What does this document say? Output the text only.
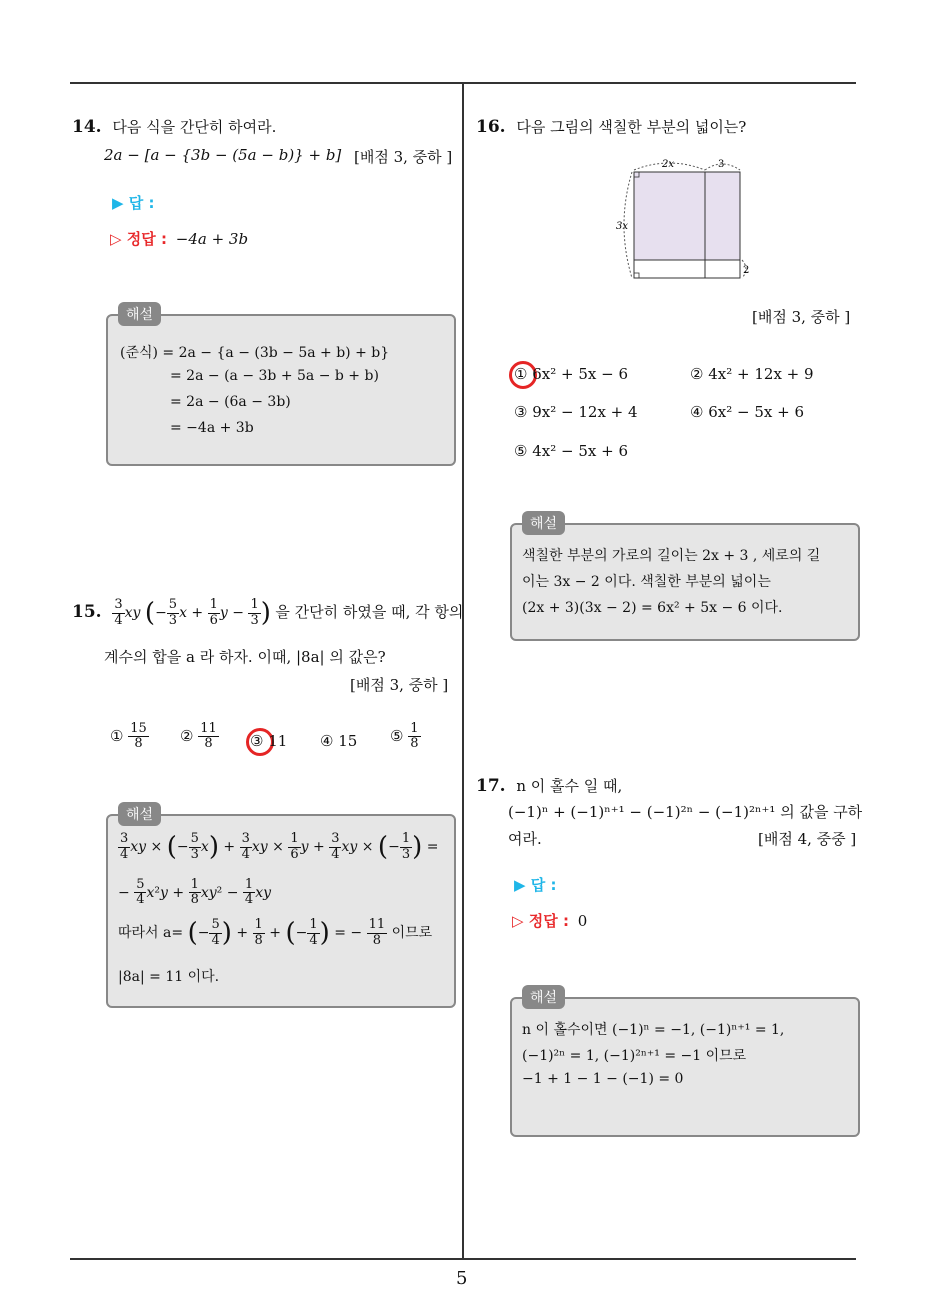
5
14. 다음 식을 간단히 하여라.
2a − [a − {3b − (5a − b)} + b] [배점 3, 중하 ]
▶ 답 :
▷ 정답 : −4a + 3b
해설
(준식) = 2a − {a − (3b − 5a + b) + b}
= 2a − (a − 3b + 5a − b + b)
= 2a − (6a − 3b)
= −4a + 3b
15. $\frac{3}{4}$ xy (− $\frac{5}{3}$ $x + \frac{1}{6}$ $y - \frac{1}{3}$ ) 을 간단히 하였을 때, 각 항의
계수의 합을 a 라 하자. 이때, |8a| 의 값은?
[배점 3, 중하 ]
① $\frac{15}{8}$ ② $\frac{11}{8}$ ③ 11 ④ 15 ⑤ $\frac{1}{8}$
해설
$\frac{3}{4}$ xy × (− $\frac{5}{3} x) + \frac{3}{4}$ xy × $\frac{1}{6}$ $y + \frac{3}{4}$ xy × (− $\frac{1}{3}$ ) =
− $\frac{5}{4} x^2y + \frac{1}{8} xy^2 - \frac{1}{4}$ xy
따라서 a= (− $\frac{5}{4}$ ) + $\frac{1}{8}$ + (− $\frac{1}{4}$ ) = − $\frac{11}{8}$ 이므로
|8a| = 11 이다.
16. 다음 그림의 색칠한 부분의 넓이는?
2x	3
3x
2
[배점 3, 중하 ]
① 6x² + 5x − 6	② 4x² + 12x + 9
③ 9x² − 12x + 4	④ 6x² − 5x + 6
⑤ 4x² − 5x + 6
해설
색칠한 부분의 가로의 길이는 2x + 3 , 세로의 길
이는 3x − 2 이다. 색칠한 부분의 넓이는
(2x + 3)(3x − 2) = 6x² + 5x − 6 이다.
17. n 이 홀수 일 때,
(−1)ⁿ + (−1)ⁿ⁺¹ − (−1)²ⁿ − (−1)²ⁿ⁺¹ 의 값을 구하
여라.	[배점 4, 중중 ]
▶ 답 :
▷ 정답 : 0
해설
n 이 홀수이면 (−1)ⁿ = −1, (−1)ⁿ⁺¹ = 1,
(−1)²ⁿ = 1, (−1)²ⁿ⁺¹ = −1 이므로
−1 + 1 − 1 − (−1) = 0
